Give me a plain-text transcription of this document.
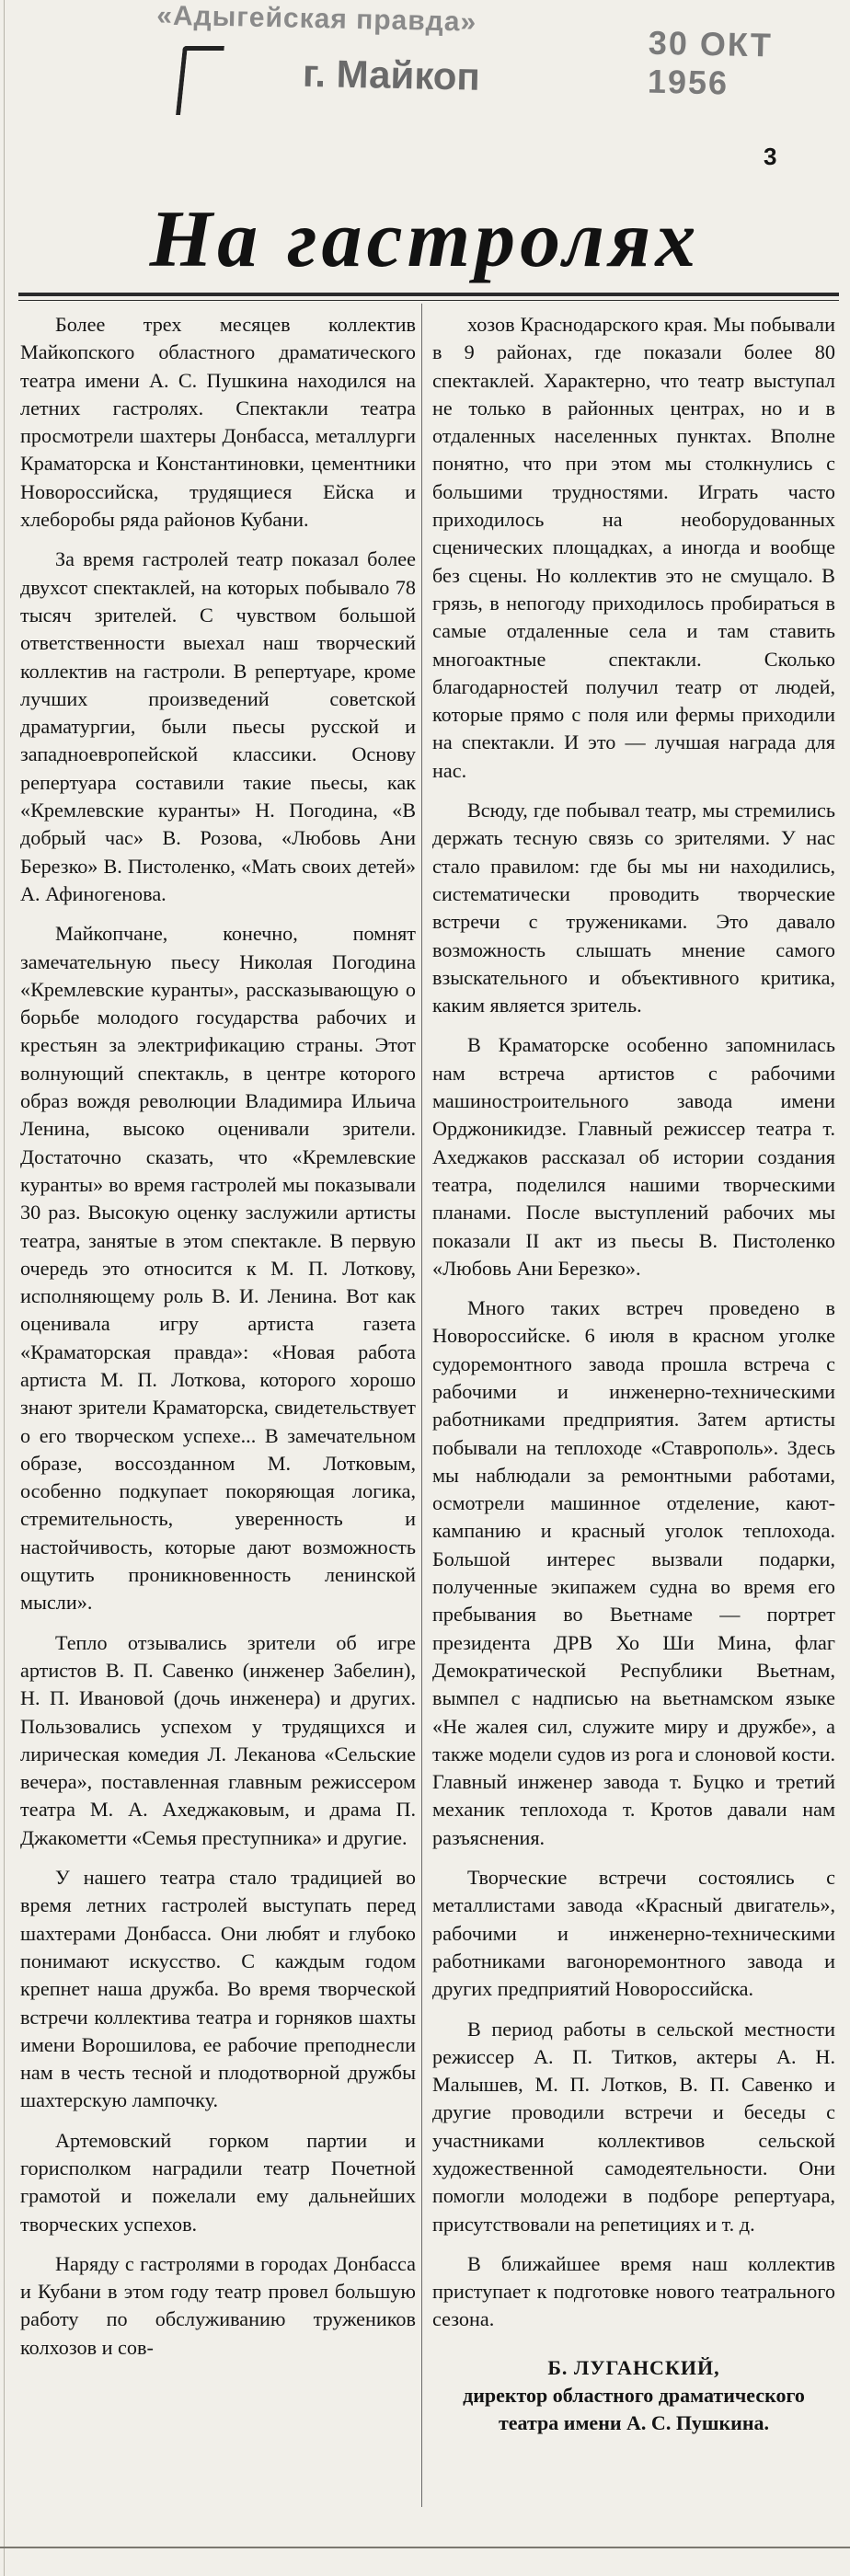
«Адыгейская правда»
30 ОКТ 1956
г. Майкоп
3
На гастролях

Более трех месяцев коллектив Майкопского областного драматического театра имени А. С. Пушкина находился на летних гастролях. Спектакли театра просмотрели шахтеры Донбасса, металлурги Краматорска и Константиновки, цементники Новороссийска, трудящиеся Ейска и хлеборобы ряда районов Кубани.

За время гастролей театр показал более двухсот спектаклей, на которых побывало 78 тысяч зрителей. С чувством большой ответственности выехал наш творческий коллектив на гастроли. В репертуаре, кроме лучших произведений советской драматургии, были пьесы русской и западноевропейской классики. Основу репертуара составили такие пьесы, как «Кремлевские куранты» Н. Погодина, «В добрый час» В. Розова, «Любовь Ани Березко» В. Пистоленко, «Мать своих детей» А. Афиногенова.

Майкопчане, конечно, помнят замечательную пьесу Николая Погодина «Кремлевские куранты», рассказывающую о борьбе молодого государства рабочих и крестьян за электрификацию страны. Этот волнующий спектакль, в центре которого образ вождя революции Владимира Ильича Ленина, высоко оценивали зрители. Достаточно сказать, что «Кремлевские куранты» во время гастролей мы показывали 30 раз. Высокую оценку заслужили артисты театра, занятые в этом спектакле. В первую очередь это относится к М. П. Лоткову, исполняющему роль В. И. Ленина. Вот как оценивала игру артиста газета «Краматорская правда»: «Новая работа артиста М. П. Лоткова, которого хорошо знают зрители Краматорска, свидетельствует о его творческом успехе... В замечательном образе, воссозданном М. Лотковым, особенно подкупает покоряющая логика, стремительность, уверенность и настойчивость, которые дают возможность ощутить проникновенность ленинской мысли».

Тепло отзывались зрители об игре артистов В. П. Савенко (инженер Забелин), Н. П. Ивановой (дочь инженера) и других. Пользовались успехом у трудящихся и лирическая комедия Л. Леканова «Сельские вечера», поставленная главным режиссером театра М. А. Ахеджаковым, и драма П. Джакометти «Семья преступника» и другие.

У нашего театра стало традицией во время летних гастролей выступать перед шахтерами Донбасса. Они любят и глубоко понимают искусство. С каждым годом крепнет наша дружба. Во время творческой встречи коллектива театра и горняков шахты имени Ворошилова, ее рабочие преподнесли нам в честь тесной и плодотворной дружбы шахтерскую лампочку.

Артемовский горком партии и горисполком наградили театр Почетной грамотой и пожелали ему дальнейших творческих успехов.

Наряду с гастролями в городах Донбасса и Кубани в этом году театр провел большую работу по обслуживанию тружеников колхозов и сов-

хозов Краснодарского края. Мы побывали в 9 районах, где показали более 80 спектаклей. Характерно, что театр выступал не только в районных центрах, но и в отдаленных населенных пунктах. Вполне понятно, что при этом мы столкнулись с большими трудностями. Играть часто приходилось на необорудованных сценических площадках, а иногда и вообще без сцены. Но коллектив это не смущало. В грязь, в непогоду приходилось пробираться в самые отдаленные села и там ставить многоактные спектакли. Сколько благодарностей получил театр от людей, которые прямо с поля или фермы приходили на спектакли. И это — лучшая награда для нас.

Всюду, где побывал театр, мы стремились держать тесную связь со зрителями. У нас стало правилом: где бы мы ни находились, систематически проводить творческие встречи с тружениками. Это давало возможность слышать мнение самого взыскательного и объективного критика, каким является зритель.

В Краматорске особенно запомнилась нам встреча артистов с рабочими машиностроительного завода имени Орджоникидзе. Главный режиссер театра т. Ахеджаков рассказал об истории создания театра, поделился нашими творческими планами. После выступлений рабочих мы показали II акт из пьесы В. Пистоленко «Любовь Ани Березко».

Много таких встреч проведено в Новороссийске. 6 июля в красном уголке судоремонтного завода прошла встреча с рабочими и инженерно-техническими работниками предприятия. Затем артисты побывали на теплоходе «Ставрополь». Здесь мы наблюдали за ремонтными работами, осмотрели машинное отделение, кают-кампанию и красный уголок теплохода. Большой интерес вызвали подарки, полученные экипажем судна во время его пребывания во Вьетнаме — портрет президента ДРВ Хо Ши Мина, флаг Демократической Республики Вьетнам, вымпел с надписью на вьетнамском языке «Не жалея сил, служите миру и дружбе», а также модели судов из рога и слоновой кости. Главный инженер завода т. Буцко и третий механик теплохода т. Кротов давали нам разъяснения.

Творческие встречи состоялись с металлистами завода «Красный двигатель», рабочими и инженерно-техническими работниками вагоноремонтного завода и других предприятий Новороссийска.

В период работы в сельской местности режиссер А. П. Титков, актеры А. Н. Малышев, М. П. Лотков, В. П. Савенко и другие проводили встречи и беседы с участниками коллективов сельской художественной самодеятельности. Они помогли молодежи в подборе репертуара, присутствовали на репетициях и т. д.

В ближайшее время наш коллектив приступает к подготовке нового театрального сезона.

Б. ЛУГАНСКИЙ,
директор областного драматического театра имени А. С. Пушкина.
